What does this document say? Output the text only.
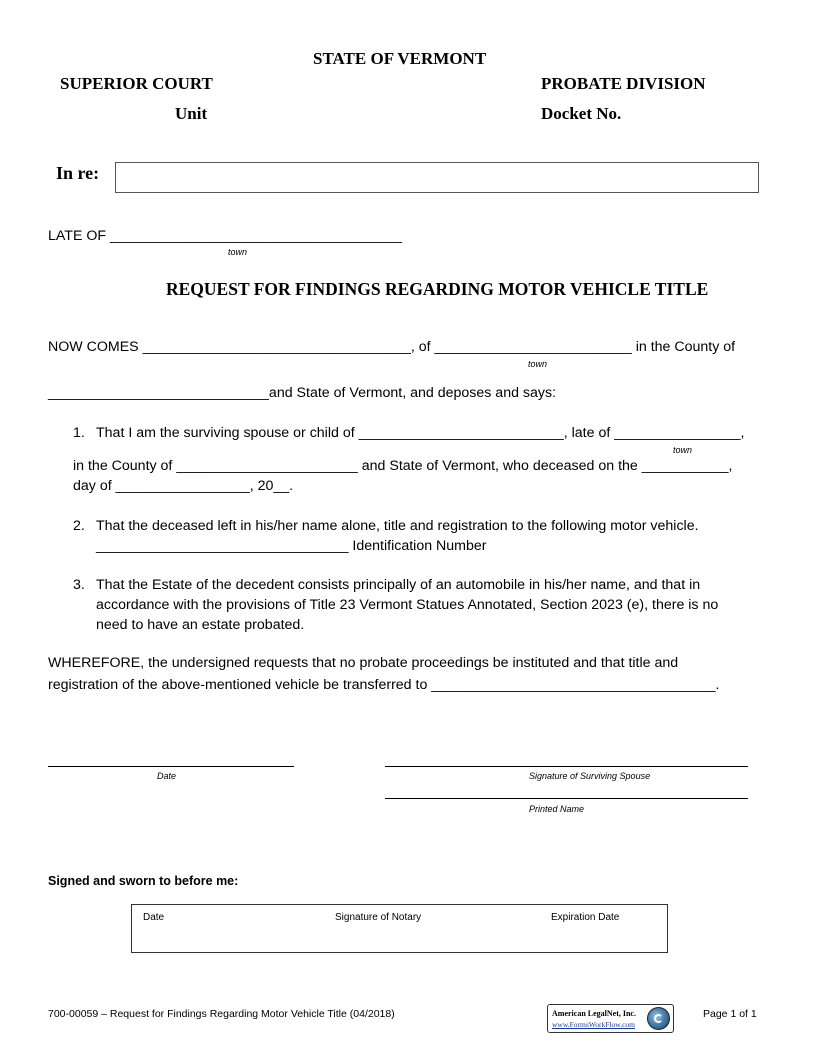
STATE OF VERMONT
SUPERIOR COURT	PROBATE DIVISION
Unit	Docket No.
In re:
LATE OF _____________________________________
town
REQUEST FOR FINDINGS REGARDING MOTOR VEHICLE TITLE
NOW COMES __________________________________, of _________________________ in the County of
town
____________________________and State of Vermont, and deposes and says:
1. That I am the surviving spouse or child of __________________________, late of ________________,
town
in the County of _______________________ and State of Vermont, who deceased on the ___________,
day of _________________, 20__.
2. That the deceased left in his/her name alone, title and registration to the following motor vehicle.
________________________________ Identification Number
3. That the Estate of the decedent consists principally of an automobile in his/her name, and that in
accordance with the provisions of Title 23 Vermont Statues Annotated, Section 2023 (e), there is no
need to have an estate probated.
WHEREFORE, the undersigned requests that no probate proceedings be instituted and that title and
registration of the above-mentioned vehicle be transferred to ____________________________________.
Date	Signature of Surviving Spouse
Printed Name
Signed and sworn to before me:
Date	Signature of Notary	Expiration Date
700-00059 – Request for Findings Regarding Motor Vehicle Title (04/2018)	American LegalNet, Inc.
www.FormsWorkFlow.com
Page 1 of 1
